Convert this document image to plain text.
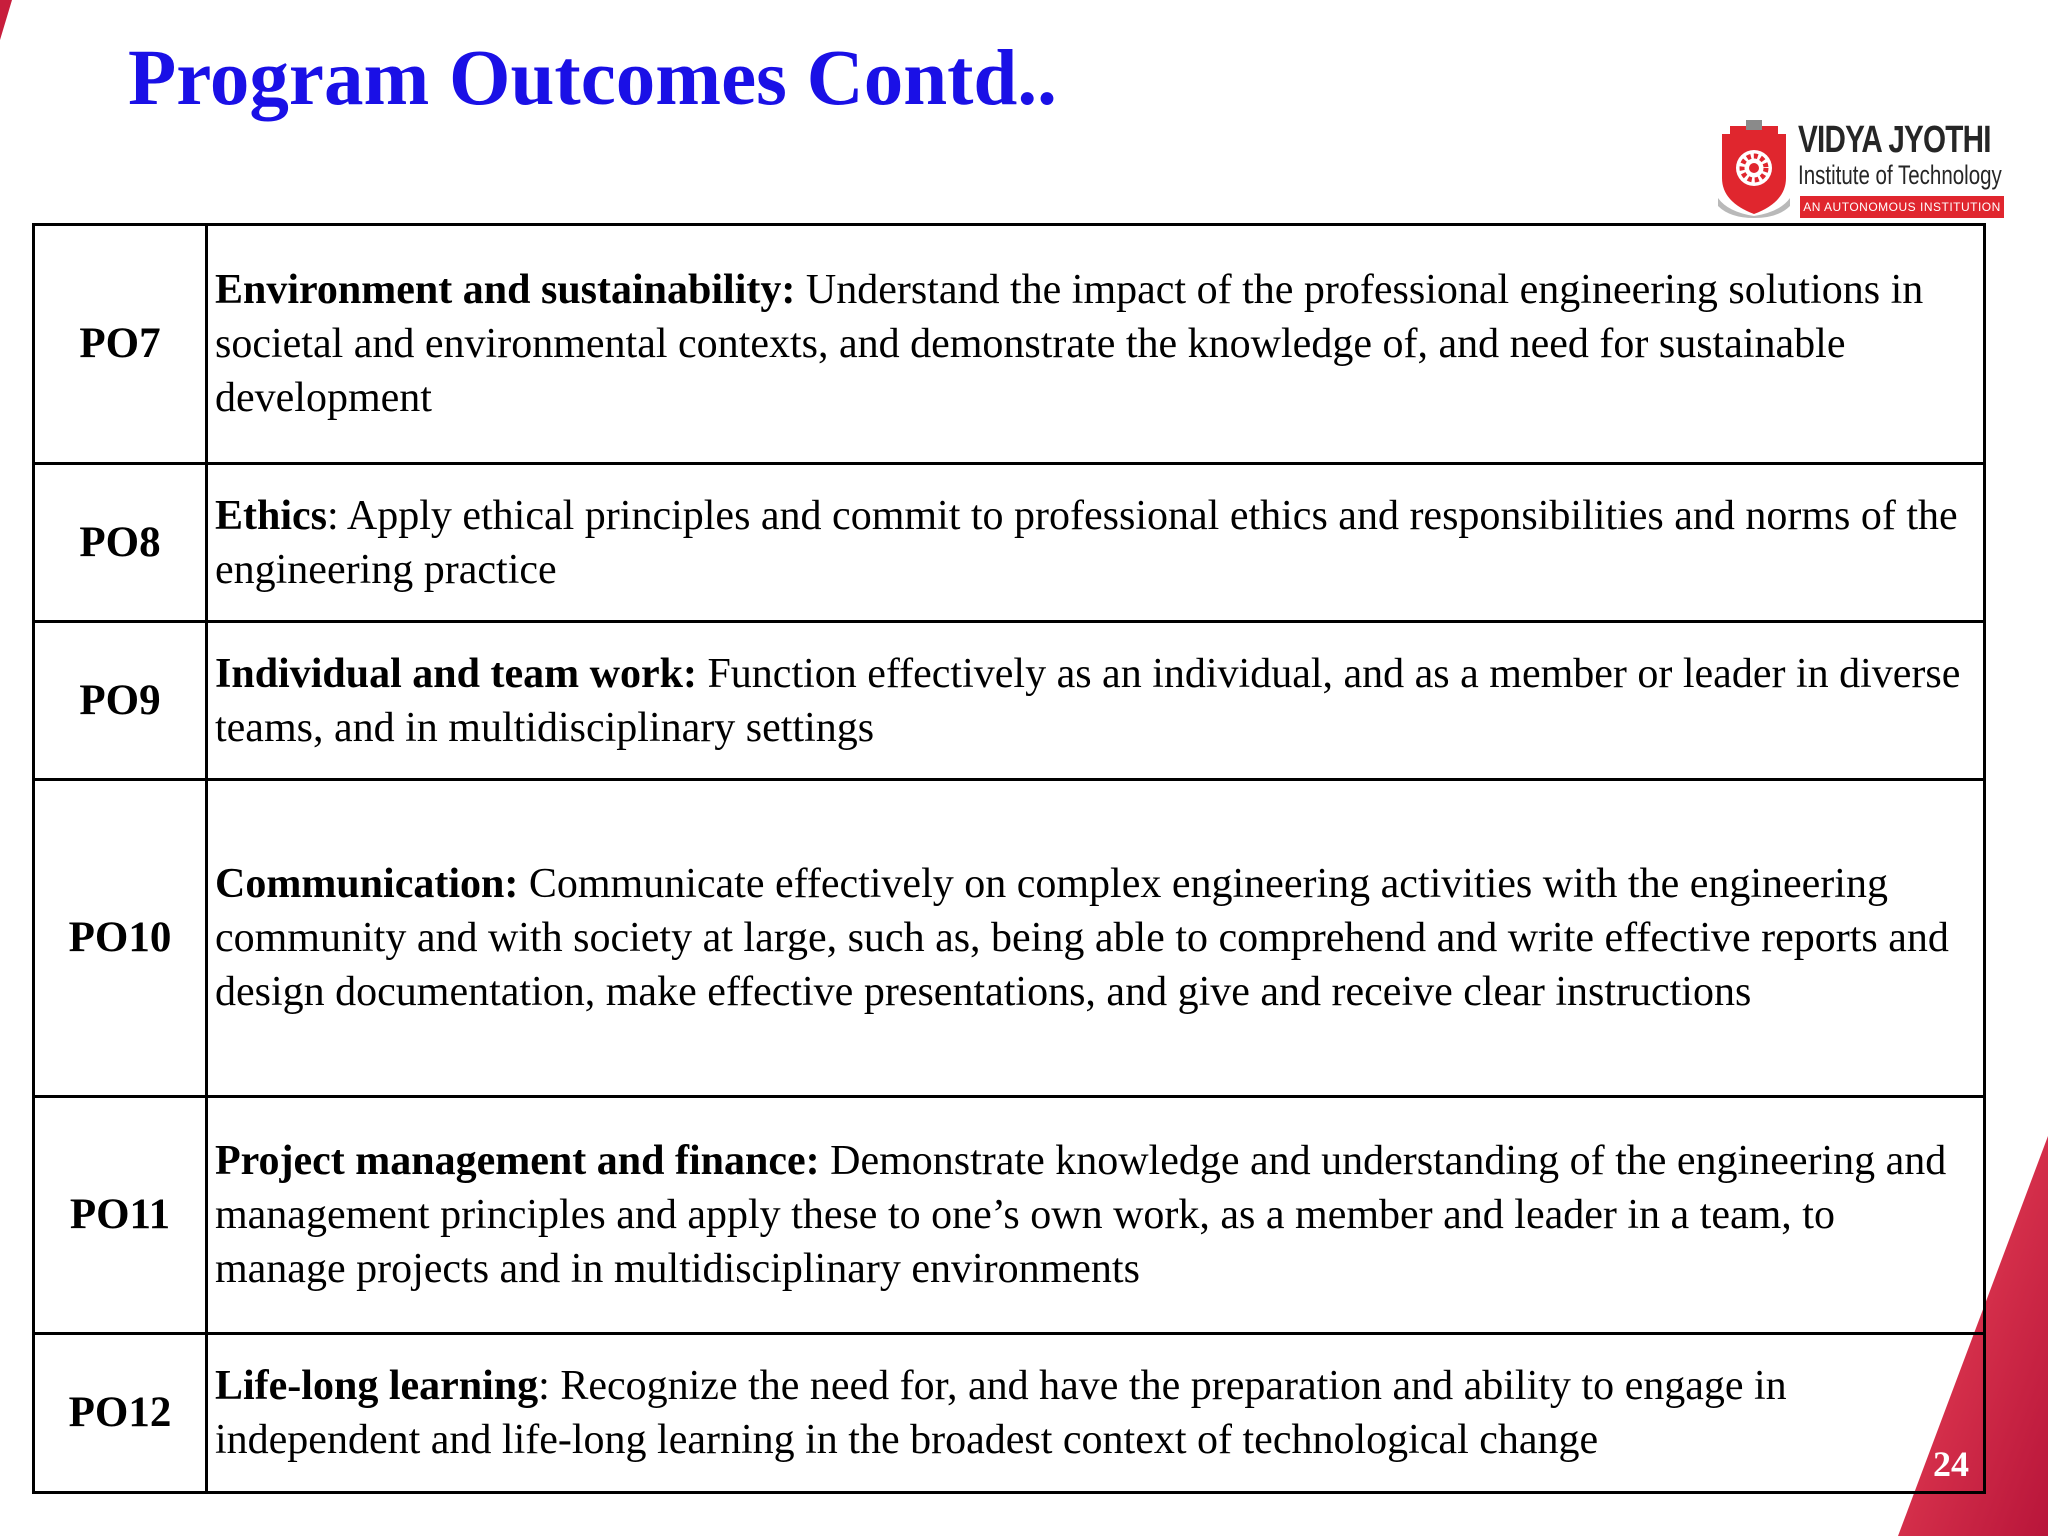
Program Outcomes Contd..
VIDYA JYOTHI
Institute of Technology
AN AUTONOMOUS INSTITUTION
PO7	Environment and sustainability: Understand the impact of the professional engineering solutions in societal and environmental contexts, and demonstrate the knowledge of, and need for sustainable development
PO8	Ethics: Apply ethical principles and commit to professional ethics and responsibilities and norms of the engineering practice
PO9	Individual and team work: Function effectively as an individual, and as a member or leader in diverse teams, and in multidisciplinary settings
PO10	Communication: Communicate effectively on complex engineering activities with the engineering community and with society at large, such as, being able to comprehend and write effective reports and design documentation, make effective presentations, and give and receive clear instructions
PO11	Project management and finance: Demonstrate knowledge and understanding of the engineering and management principles and apply these to one’s own work, as a member and leader in a team, to manage projects and in multidisciplinary environments
PO12	Life-long learning: Recognize the need for, and have the preparation and ability to engage in independent and life-long learning in the broadest context of technological change
24
